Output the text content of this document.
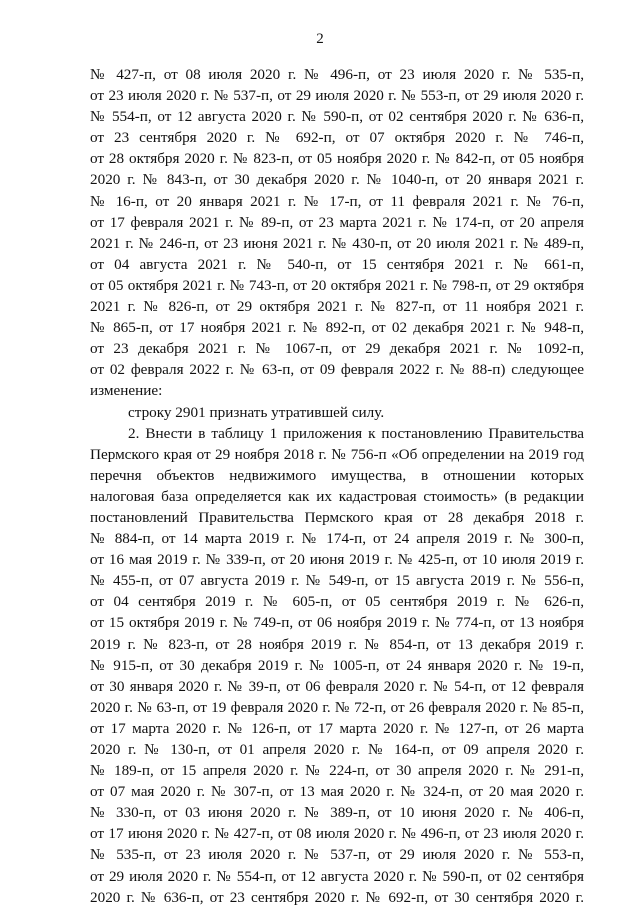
2
№ 427-п, от 08 июля 2020 г. № 496-п, от 23 июля 2020 г. № 535-п,
от 23 июля 2020 г. № 537-п, от 29 июля 2020 г. № 553-п, от 29 июля 2020 г.
№ 554-п, от 12 августа 2020 г. № 590-п, от 02 сентября 2020 г. № 636-п,
от 23 сентября 2020 г. № 692-п, от 07 октября 2020 г. № 746-п,
от 28 октября 2020 г. № 823-п, от 05 ноября 2020 г. № 842-п, от 05 ноября
2020 г. № 843-п, от 30 декабря 2020 г. № 1040-п, от 20 января 2021 г.
№ 16-п, от 20 января 2021 г. № 17-п, от 11 февраля 2021 г. № 76-п,
от 17 февраля 2021 г. № 89-п, от 23 марта 2021 г. № 174-п, от 20 апреля
2021 г. № 246-п, от 23 июня 2021 г. № 430-п, от 20 июля 2021 г. № 489-п,
от 04 августа 2021 г. № 540-п, от 15 сентября 2021 г. № 661-п,
от 05 октября 2021 г. № 743-п, от 20 октября 2021 г. № 798-п, от 29 октября
2021 г. № 826-п, от 29 октября 2021 г. № 827-п, от 11 ноября 2021 г.
№ 865-п, от 17 ноября 2021 г. № 892-п, от 02 декабря 2021 г. № 948-п,
от 23 декабря 2021 г. № 1067-п, от 29 декабря 2021 г. № 1092-п,
от 02 февраля 2022 г. № 63-п, от 09 февраля 2022 г. № 88-п) следующее
изменение:
строку 2901 признать утратившей силу.
2. Внести в таблицу 1 приложения к постановлению Правительства
Пермского края от 29 ноября 2018 г. № 756-п «Об определении на 2019 год
перечня объектов недвижимого имущества, в отношении которых
налоговая база определяется как их кадастровая стоимость» (в редакции
постановлений Правительства Пермского края от 28 декабря 2018 г.
№ 884-п, от 14 марта 2019 г. № 174-п, от 24 апреля 2019 г. № 300-п,
от 16 мая 2019 г. № 339-п, от 20 июня 2019 г. № 425-п, от 10 июля 2019 г.
№ 455-п, от 07 августа 2019 г. № 549-п, от 15 августа 2019 г. № 556-п,
от 04 сентября 2019 г. № 605-п, от 05 сентября 2019 г. № 626-п,
от 15 октября 2019 г. № 749-п, от 06 ноября 2019 г. № 774-п, от 13 ноября
2019 г. № 823-п, от 28 ноября 2019 г. № 854-п, от 13 декабря 2019 г.
№ 915-п, от 30 декабря 2019 г. № 1005-п, от 24 января 2020 г. № 19-п,
от 30 января 2020 г. № 39-п, от 06 февраля 2020 г. № 54-п, от 12 февраля
2020 г. № 63-п, от 19 февраля 2020 г. № 72-п, от 26 февраля 2020 г. № 85-п,
от 17 марта 2020 г. № 126-п, от 17 марта 2020 г. № 127-п, от 26 марта
2020 г. № 130-п, от 01 апреля 2020 г. № 164-п, от 09 апреля 2020 г.
№ 189-п, от 15 апреля 2020 г. № 224-п, от 30 апреля 2020 г. № 291-п,
от 07 мая 2020 г. № 307-п, от 13 мая 2020 г. № 324-п, от 20 мая 2020 г.
№ 330-п, от 03 июня 2020 г. № 389-п, от 10 июня 2020 г. № 406-п,
от 17 июня 2020 г. № 427-п, от 08 июля 2020 г. № 496-п, от 23 июля 2020 г.
№ 535-п, от 23 июля 2020 г. № 537-п, от 29 июля 2020 г. № 553-п,
от 29 июля 2020 г. № 554-п, от 12 августа 2020 г. № 590-п, от 02 сентября
2020 г. № 636-п, от 23 сентября 2020 г. № 692-п, от 30 сентября 2020 г.
